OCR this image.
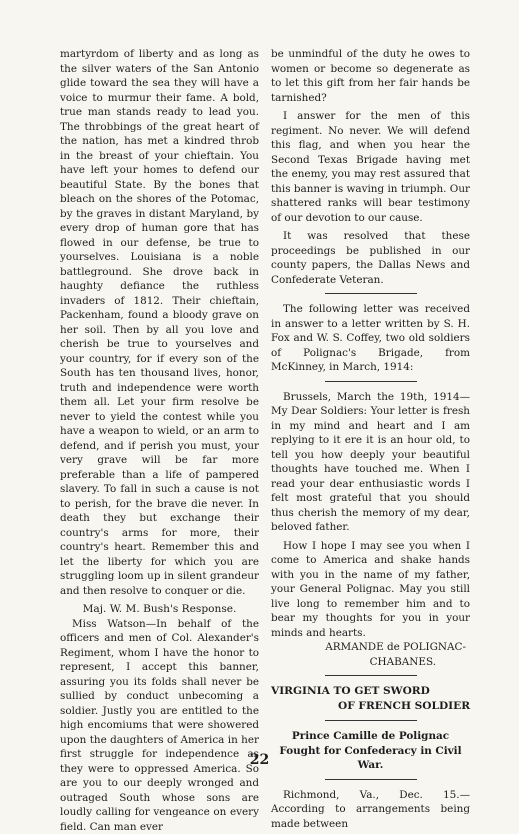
martyrdom of liberty and as long as the silver waters of the San Antonio glide toward the sea they will have a voice to murmur their fame. A bold, true man stands ready to lead you. The throbbings of the great heart of the nation, has met a kindred throb in the breast of your chieftain. You have left your homes to defend our beautiful State. By the bones that bleach on the shores of the Potomac, by the graves in distant Maryland, by every drop of human gore that has flowed in our defense, be true to yourselves. Louisiana is a noble battleground. She drove back in haughty defiance the ruthless invaders of 1812. Their chieftain, Packenham, found a bloody grave on her soil. Then by all you love and cherish be true to yourselves and your country, for if every son of the South has ten thousand lives, honor, truth and independence were worth them all. Let your firm resolve be never to yield the contest while you have a weapon to wield, or an arm to defend, and if perish you must, your very grave will be far more preferable than a life of pampered slavery. To fall in such a cause is not to perish, for the brave die never. In death they but exchange their country's arms for more, their country's heart. Remember this and let the liberty for which you are struggling loom up in silent grandeur and then resolve to conquer or die.

Maj. W. M. Bush's Response.

Miss Watson—In behalf of the officers and men of Col. Alexander's Regiment, whom I have the honor to represent, I accept this banner, assuring you its folds shall never be sullied by conduct unbecoming a soldier. Justly you are entitled to the high encomiums that were showered upon the daughters of America in her first struggle for independence as they were to oppressed America. So are you to our deeply wronged and outraged South whose sons are loudly calling for vengeance on every field. Can man ever

be unmindful of the duty he owes to women or become so degenerate as to let this gift from her fair hands be tarnished?

I answer for the men of this regiment. No never. We will defend this flag, and when you hear the Second Texas Brigade having met the enemy, you may rest assured that this banner is waving in triumph. Our shattered ranks will bear testimony of our devotion to our cause.

It was resolved that these proceedings be published in our county papers, the Dallas News and Confederate Veteran.

The following letter was received in answer to a letter written by S. H. Fox and W. S. Coffey, two old soldiers of Polignac's Brigade, from McKinney, in March, 1914:

Brussels, March the 19th, 1914—My Dear Soldiers: Your letter is fresh in my mind and heart and I am replying to it ere it is an hour old, to tell you how deeply your beautiful thoughts have touched me. When I read your dear enthusiastic words I felt most grateful that you should thus cherish the memory of my dear, beloved father.

How I hope I may see you when I come to America and shake hands with you in the name of my father, your General Polignac. May you still live long to remember him and to bear my thoughts for you in your minds and hearts.

ARMANDE de POLIGNAC-

CHABANES.

VIRGINIA TO GET SWORD

OF FRENCH SOLDIER

Prince Camille de Polignac Fought for Confederacy in Civil War.

Richmond, Va., Dec. 15.—According to arrangements being made between

22
